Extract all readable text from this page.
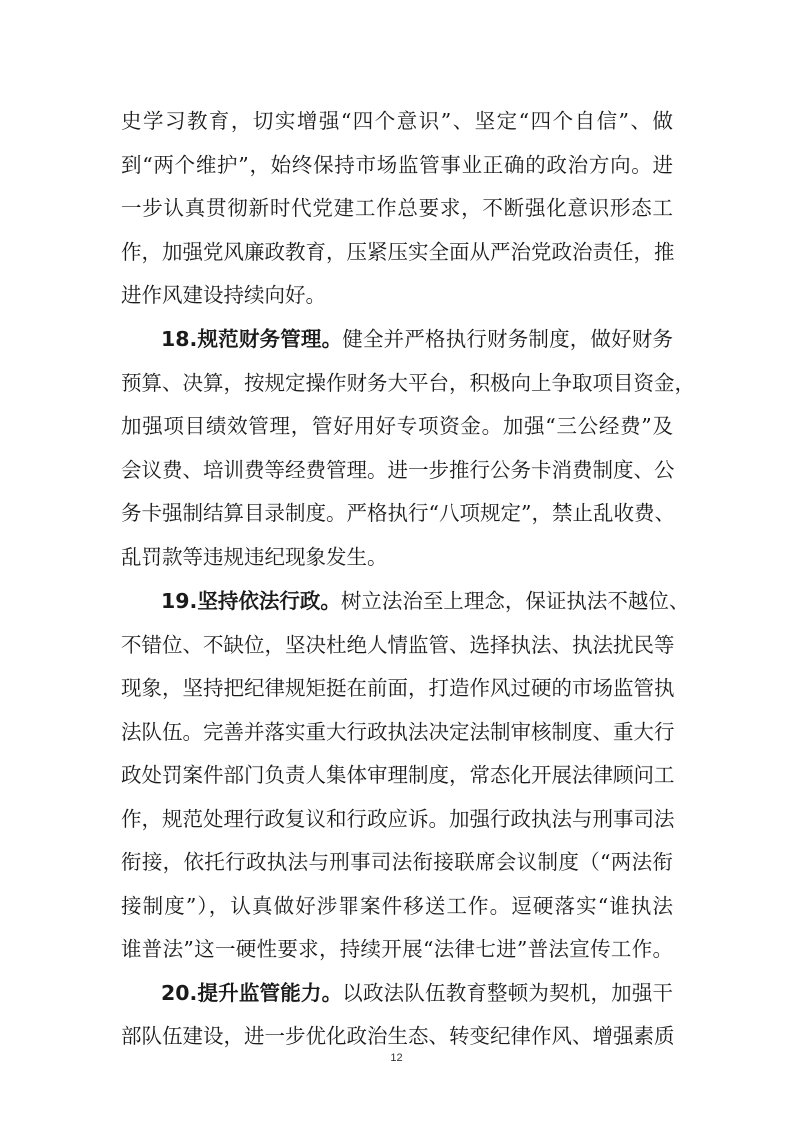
史学习教育，切实增强“四个意识”、坚定“四个自信”、做
到“两个维护”，始终保持市场监管事业正确的政治方向。进
一步认真贯彻新时代党建工作总要求，不断强化意识形态工
作，加强党风廉政教育，压紧压实全面从严治党政治责任，推
进作风建设持续向好。
18.规范财务管理。健全并严格执行财务制度，做好财务
预算、决算，按规定操作财务大平台，积极向上争取项目资金，
加强项目绩效管理，管好用好专项资金。加强“三公经费”及
会议费、培训费等经费管理。进一步推行公务卡消费制度、公
务卡强制结算目录制度。严格执行“八项规定”，禁止乱收费、
乱罚款等违规违纪现象发生。
19.坚持依法行政。树立法治至上理念，保证执法不越位、
不错位、不缺位，坚决杜绝人情监管、选择执法、执法扰民等
现象，坚持把纪律规矩挺在前面，打造作风过硬的市场监管执
法队伍。完善并落实重大行政执法决定法制审核制度、重大行
政处罚案件部门负责人集体审理制度，常态化开展法律顾问工
作，规范处理行政复议和行政应诉。加强行政执法与刑事司法
衔接，依托行政执法与刑事司法衔接联席会议制度（“两法衔
接制度”），认真做好涉罪案件移送工作。逗硬落实“谁执法
谁普法”这一硬性要求，持续开展“法律七进”普法宣传工作。
20.提升监管能力。以政法队伍教育整顿为契机，加强干
部队伍建设，进一步优化政治生态、转变纪律作风、增强素质
12
